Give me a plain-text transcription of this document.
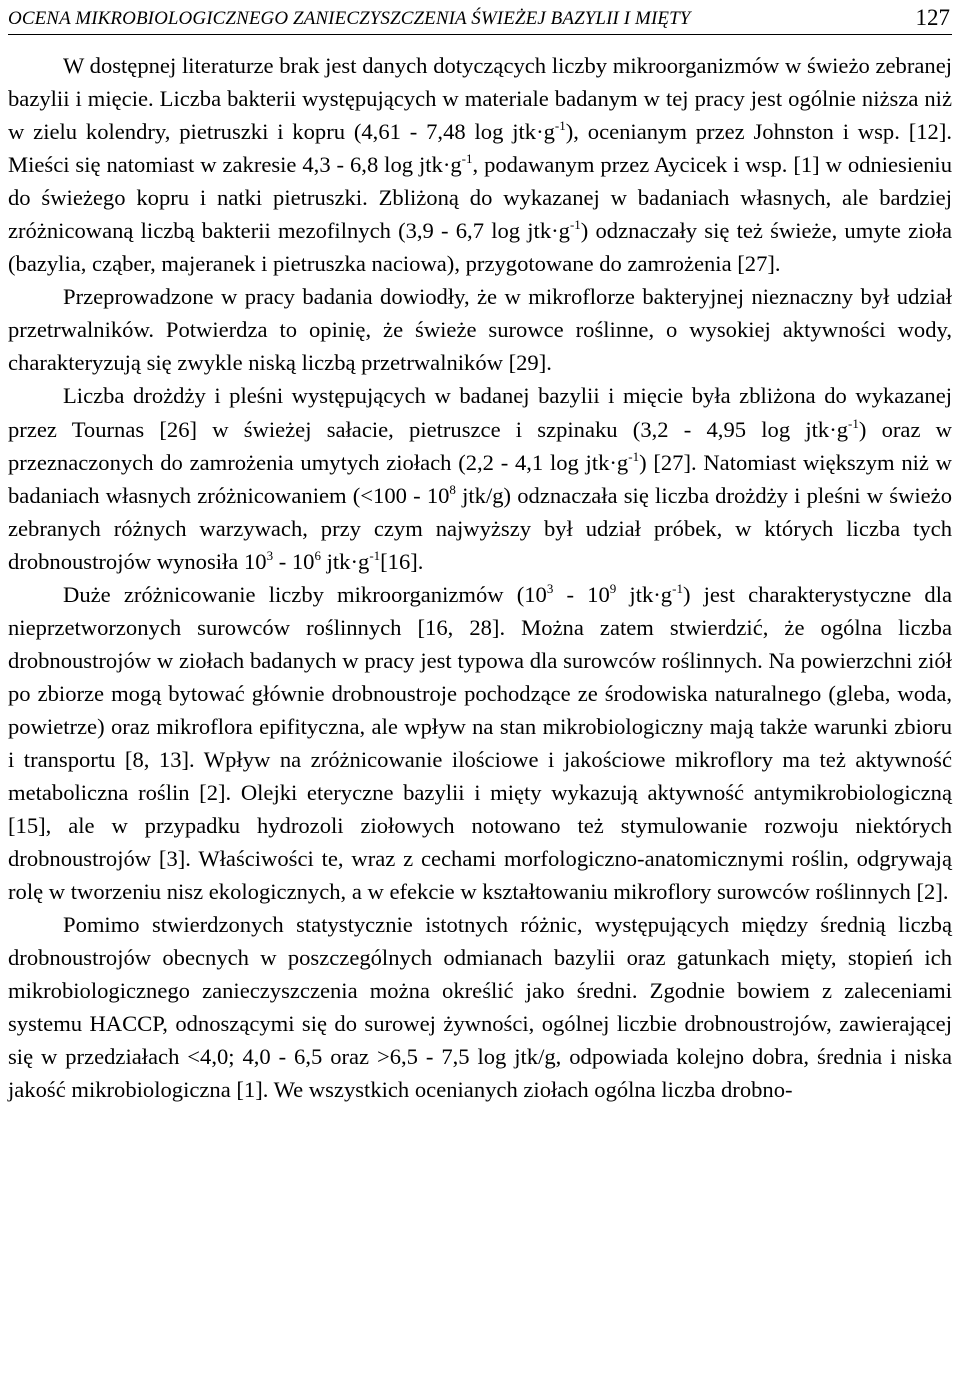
OCENA MIKROBIOLOGICZNEGO ZANIECZYSZCZENIA ŚWIEŻEJ BAZYLII I MIĘTY	127

W dostępnej literaturze brak jest danych dotyczących liczby mikroorganizmów w świeżo zebranej bazylii i mięcie. Liczba bakterii występujących w materiale badanym w tej pracy jest ogólnie niższa niż w zielu kolendry, pietruszki i kopru (4,61 - 7,48 $\log jtk\cdot g^{-1}$), ocenianym przez Johnston i wsp. [12]. Mieści się natomiast w zakresie 4,3 - 6,8 $\log jtk\cdot g^{-1}$, podawanym przez Aycicek i wsp. [1] w odniesieniu do świeżego kopru i natki pietruszki. Zbliżoną do wykazanej w badaniach własnych, ale bardziej zróżnicowaną liczbą bakterii mezofilnych (3,9 - 6,7 $\log jtk\cdot g^{-1}$) odznaczały się też świeże, umyte zioła (bazylia, cząber, majeranek i pietruszka naciowa), przygotowane do zamrożenia [27].

Przeprowadzone w pracy badania dowiodły, że w mikroflorze bakteryjnej nieznaczny był udział przetrwalników. Potwierdza to opinię, że świeże surowce roślinne, o wysokiej aktywności wody, charakteryzują się zwykle niską liczbą przetrwalników [29].

Liczba drożdży i pleśni występujących w badanej bazylii i mięcie była zbliżona do wykazanej przez Tournas [26] w świeżej sałacie, pietruszce i szpinaku (3,2 - 4,95 $\log jtk\cdot g^{-1}$) oraz w przeznaczonych do zamrożenia umytych ziołach (2,2 - 4,1 $\log jtk\cdot g^{-1}$) [27]. Natomiast większym niż w badaniach własnych zróżnicowaniem ($<100 - 10^8$ jtk/g) odznaczała się liczba drożdży i pleśni w świeżo zebranych różnych warzywach, przy czym najwyższy był udział próbek, w których liczba tych drobnoustrojów wynosiła $10^3 - 10^6$ $jtk\cdot g^{-1}[16]$.

Duże zróżnicowanie liczby mikroorganizmów ($10^3 - 10^9$ $jtk\cdot g^{-1}$) jest charakterystyczne dla nieprzetworzonych surowców roślinnych [16, 28]. Można zatem stwierdzić, że ogólna liczba drobnoustrojów w ziołach badanych w pracy jest typowa dla surowców roślinnych. Na powierzchni ziół po zbiorze mogą bytować głównie drobnoustroje pochodzące ze środowiska naturalnego (gleba, woda, powietrze) oraz mikroflora epifityczna, ale wpływ na stan mikrobiologiczny mają także warunki zbioru i transportu [8, 13]. Wpływ na zróżnicowanie ilościowe i jakościowe mikroflory ma też aktywność metaboliczna roślin [2]. Olejki eteryczne bazylii i mięty wykazują aktywność antymikrobiologiczną [15], ale w przypadku hydrozoli ziołowych notowano też stymulowanie rozwoju niektórych drobnoustrojów [3]. Właściwości te, wraz z cechami morfologiczno-anatomicznymi roślin, odgrywają rolę w tworzeniu nisz ekologicznych, a w efekcie w kształtowaniu mikroflory surowców roślinnych [2].

Pomimo stwierdzonych statystycznie istotnych różnic, występujących między średnią liczbą drobnoustrojów obecnych w poszczególnych odmianach bazylii oraz gatunkach mięty, stopień ich mikrobiologicznego zanieczyszczenia można określić jako średni. Zgodnie bowiem z zaleceniami systemu HACCP, odnoszącymi się do surowej żywności, ogólnej liczbie drobnoustrojów, zawierającej się w przedziałach <4,0; 4,0 - 6,5 oraz >6,5 - 7,5 log jtk/g, odpowiada kolejno dobra, średnia i niska jakość mikrobiologiczna [1]. We wszystkich ocenianych ziołach ogólna liczba drobno-
